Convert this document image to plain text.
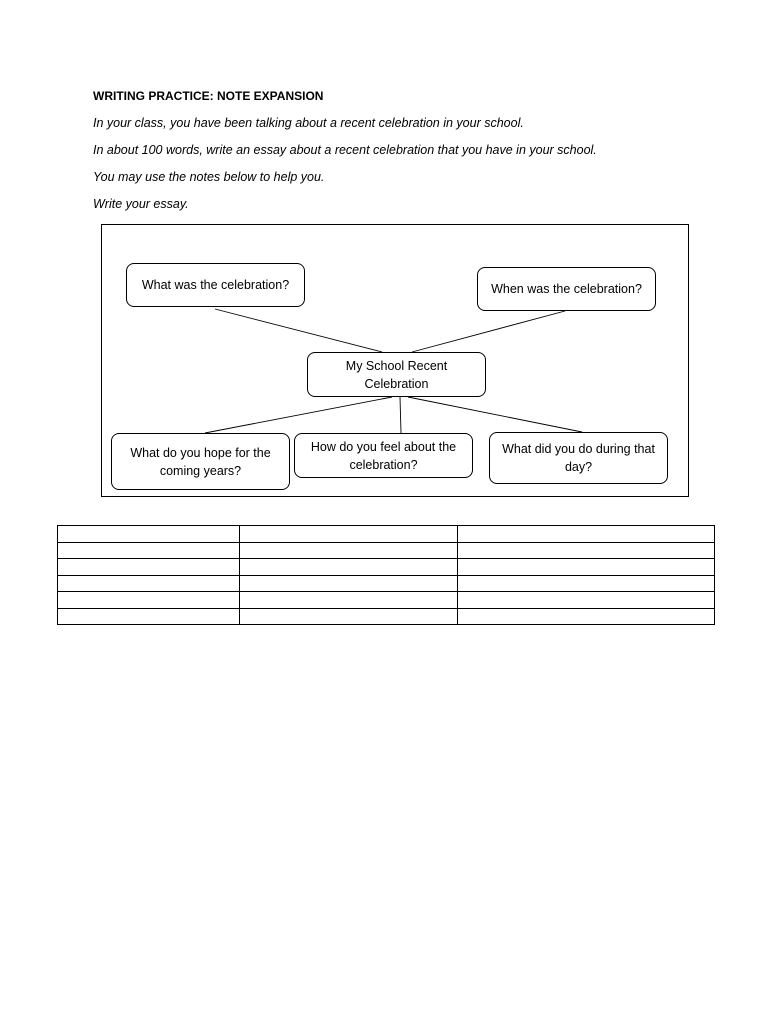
WRITING PRACTICE: NOTE EXPANSION
In your class, you have been talking about a recent celebration in your school.
In about 100 words, write an essay about a recent celebration that you have in your school.
You may use the notes below to help you.
Write your essay.
What was the celebration?	When was the celebration?
My School Recent Celebration
What do you hope for the coming years?
How do you feel about the celebration?
What did you do during that day?
